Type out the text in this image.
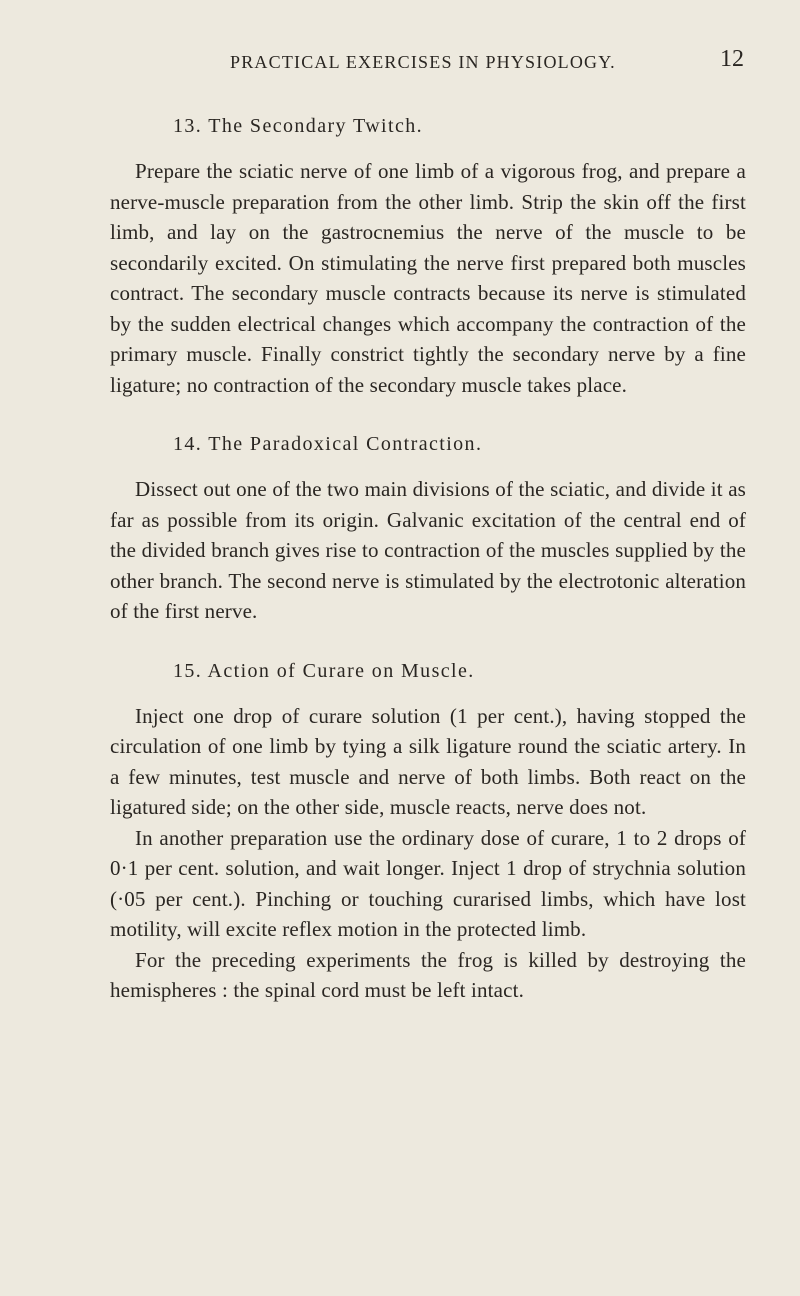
PRACTICAL EXERCISES IN PHYSIOLOGY.	12
13. The Secondary Twitch.

Prepare the sciatic nerve of one limb of a vigorous frog, and prepare a nerve-muscle preparation from the other limb. Strip the skin off the first limb, and lay on the gastrocnemius the nerve of the muscle to be secondarily excited. On stimulating the nerve first prepared both muscles contract. The secondary muscle contracts because its nerve is stimulated by the sudden electrical changes which accompany the contraction of the primary muscle. Finally constrict tightly the secondary nerve by a fine ligature; no contraction of the secondary muscle takes place.

14. The Paradoxical Contraction.

Dissect out one of the two main divisions of the sciatic, and divide it as far as possible from its origin. Galvanic excitation of the central end of the divided branch gives rise to contraction of the muscles supplied by the other branch. The second nerve is stimulated by the electrotonic alteration of the first nerve.

15. Action of Curare on Muscle.

Inject one drop of curare solution (1 per cent.), having stopped the circulation of one limb by tying a silk ligature round the sciatic artery. In a few minutes, test muscle and nerve of both limbs. Both react on the ligatured side; on the other side, muscle reacts, nerve does not.

In another preparation use the ordinary dose of curare, 1 to 2 drops of 0·1 per cent. solution, and wait longer. Inject 1 drop of strychnia solution (·05 per cent.). Pinching or touching curarised limbs, which have lost motility, will excite reflex motion in the protected limb.

For the preceding experiments the frog is killed by destroying the hemispheres : the spinal cord must be left intact.
